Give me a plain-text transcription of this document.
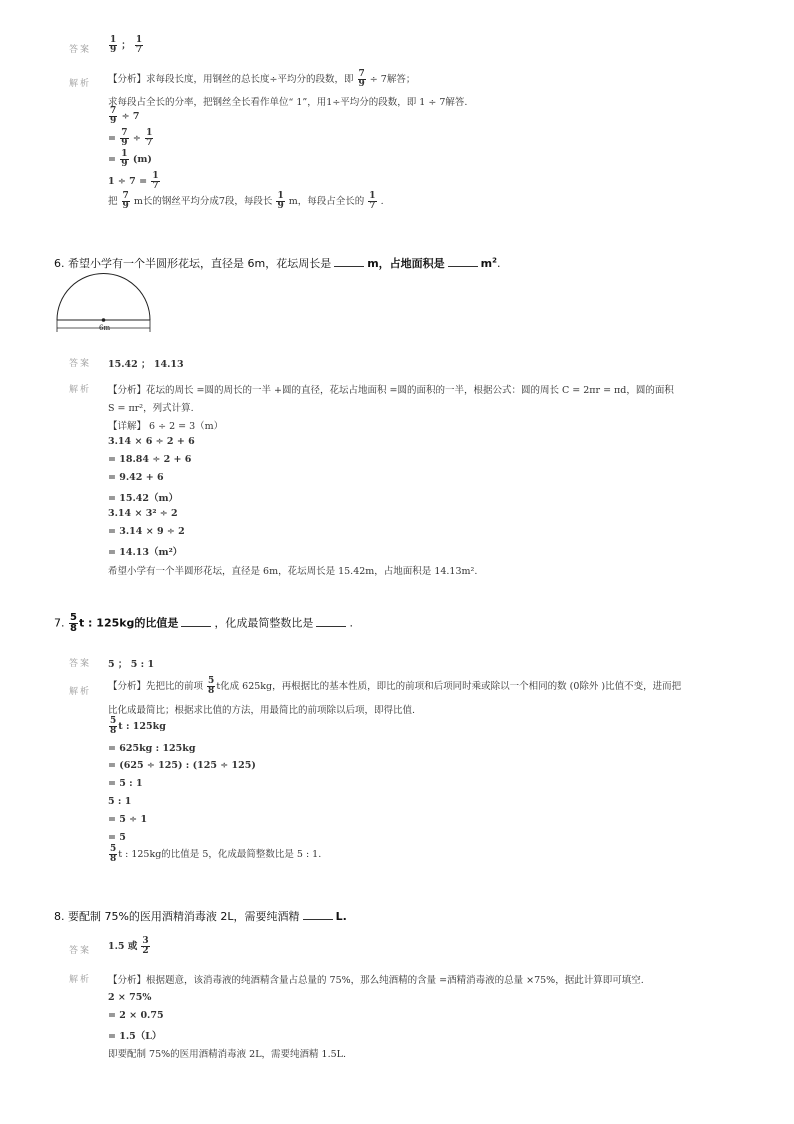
答案 $\frac{1}{9}$ ； $\frac{1}{7}$
解析 【分析】求每段长度，用钢丝的总长度÷平均分的段数，即 $\frac{7}{9} \div 7$解答；
求每段占全长的分率，把钢丝全长看作单位“ 1”，用1÷平均分的段数，即 1 ÷ 7解答.
$\frac{7}{9} \div 7$
= $\frac{7}{9} \div \frac{1}{7}$
= $\frac{1}{9} (m)$
$1 \div 7 = \frac{1}{7}$
把 $\frac{7}{9}$ m长的钢丝平均分成7段，每段长 $\frac{1}{9}$ m，每段占全长的 $\frac{1}{7}$ .
6. 希望小学有一个半圆形花坛，直径是 6m，花坛周长是	m，占地面积是	$m^2$.
6m
答案 15.42 ； 14.13
解析 【分析】花坛的周长 =圆的周长的一半 +圆的直径，花坛占地面积 =圆的面积的一半，根据公式：圆的周长 C = 2πr = πd，圆的面积
S = πr²，列式计算.
【详解】 6 ÷ 2 = 3（m）
3.14 × 6 ÷ 2 + 6
= 18.84 ÷ 2 + 6
= 9.42 + 6
= 15.42（m）
3.14 × 3² ÷ 2
= 3.14 × 9 ÷ 2
= 14.13（m²）
希望小学有一个半圆形花坛，直径是 6m，花坛周长是 15.42m，占地面积是 14.13m².
7. $\frac{5}{8}$ t : 125kg的比值是	，化成最简整数比是	.
答案 5 ； 5 : 1
解析 【分析】先把比的前项 $\frac{5}{8}$ t化成 625kg，再根据比的基本性质，即比的前项和后项同时乘或除以一个相同的数 (0除外 )比值不变，进而把
比化成最简比；根据求比值的方法，用最简比的前项除以后项，即得比值.
$\frac{5}{8}$ t : 125kg
= 625kg : 125kg
= (625 ÷ 125) : (125 ÷ 125)
= 5 : 1
5 : 1
= 5 ÷ 1
= 5
$\frac{5}{8}$ t : 125kg的比值是 5，化成最简整数比是 5 : 1.
8. 要配制 75%的医用酒精消毒液 2L，需要纯酒精	L.
答案 1.5 或 $\frac{3}{2}$
解析 【分析】根据题意，该消毒液的纯酒精含量占总量的 75%，那么纯酒精的含量 =酒精消毒液的总量 ×75%，据此计算即可填空.
2 × 75%
= 2 × 0.75
= 1.5（L）
即要配制 75%的医用酒精消毒液 2L，需要纯酒精 1.5L.
